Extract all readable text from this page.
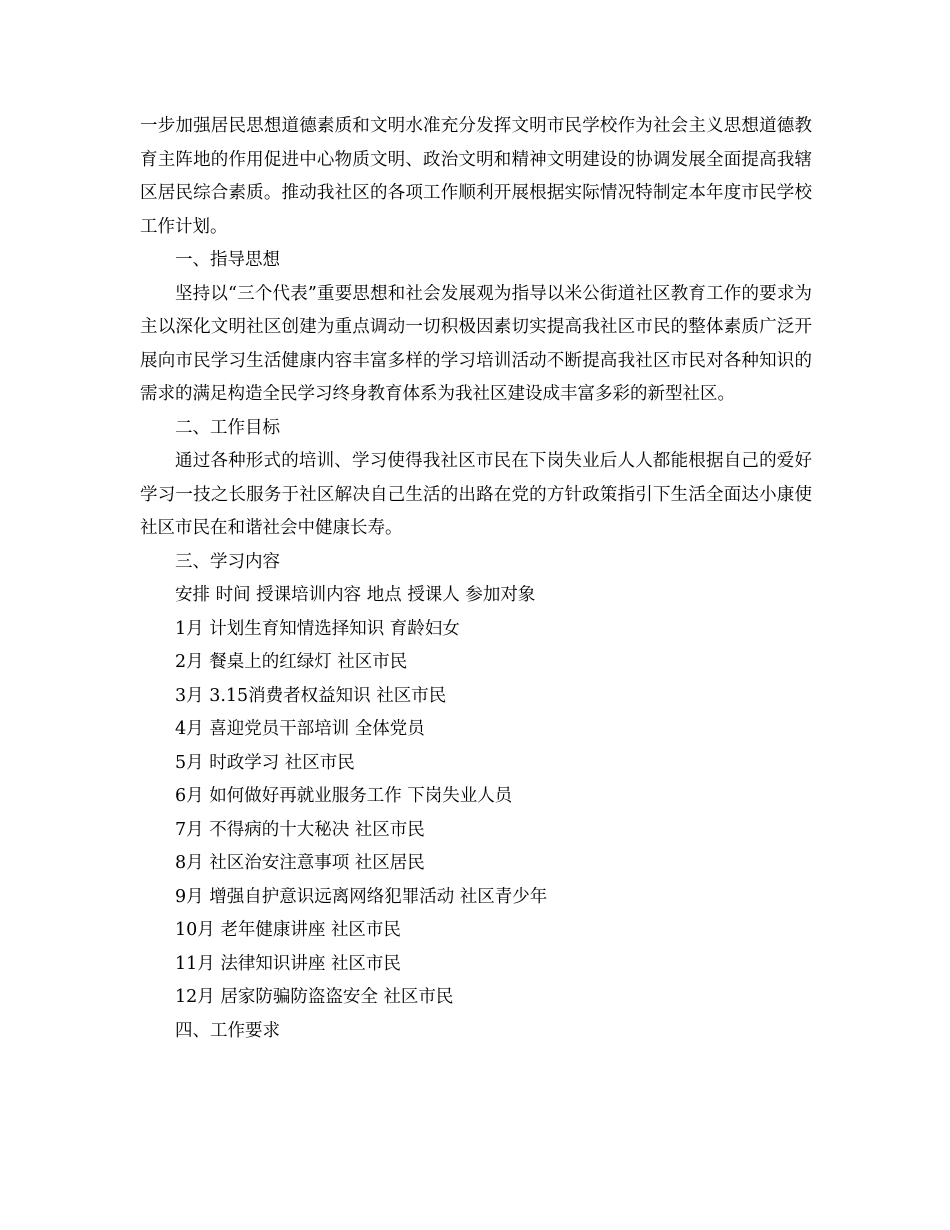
一步加强居民思想道德素质和文明水准充分发挥文明市民学校作为社会主义思想道德教育主阵地的作用促进中心物质文明、政治文明和精神文明建设的协调发展全面提高我辖区居民综合素质。推动我社区的各项工作顺利开展根据实际情况特制定本年度市民学校工作计划。

一、指导思想

坚持以“三个代表”重要思想和社会发展观为指导以米公街道社区教育工作的要求为主以深化文明社区创建为重点调动一切积极因素切实提高我社区市民的整体素质广泛开展向市民学习生活健康内容丰富多样的学习培训活动不断提高我社区市民对各种知识的需求的满足构造全民学习终身教育体系为我社区建设成丰富多彩的新型社区。

二、工作目标

通过各种形式的培训、学习使得我社区市民在下岗失业后人人都能根据自己的爱好学习一技之长服务于社区解决自己生活的出路在党的方针政策指引下生活全面达小康使社区市民在和谐社会中健康长寿。

三、学习内容

安排 时间 授课培训内容 地点 授课人 参加对象

1月 计划生育知情选择知识 育龄妇女

2月 餐桌上的红绿灯 社区市民

3月 3.15消费者权益知识 社区市民

4月 喜迎党员干部培训 全体党员

5月 时政学习 社区市民

6月 如何做好再就业服务工作 下岗失业人员

7月 不得病的十大秘决 社区市民

8月 社区治安注意事项 社区居民

9月 增强自护意识远离网络犯罪活动 社区青少年

10月 老年健康讲座 社区市民

11月 法律知识讲座 社区市民

12月 居家防骗防盗盗安全 社区市民

四、工作要求
